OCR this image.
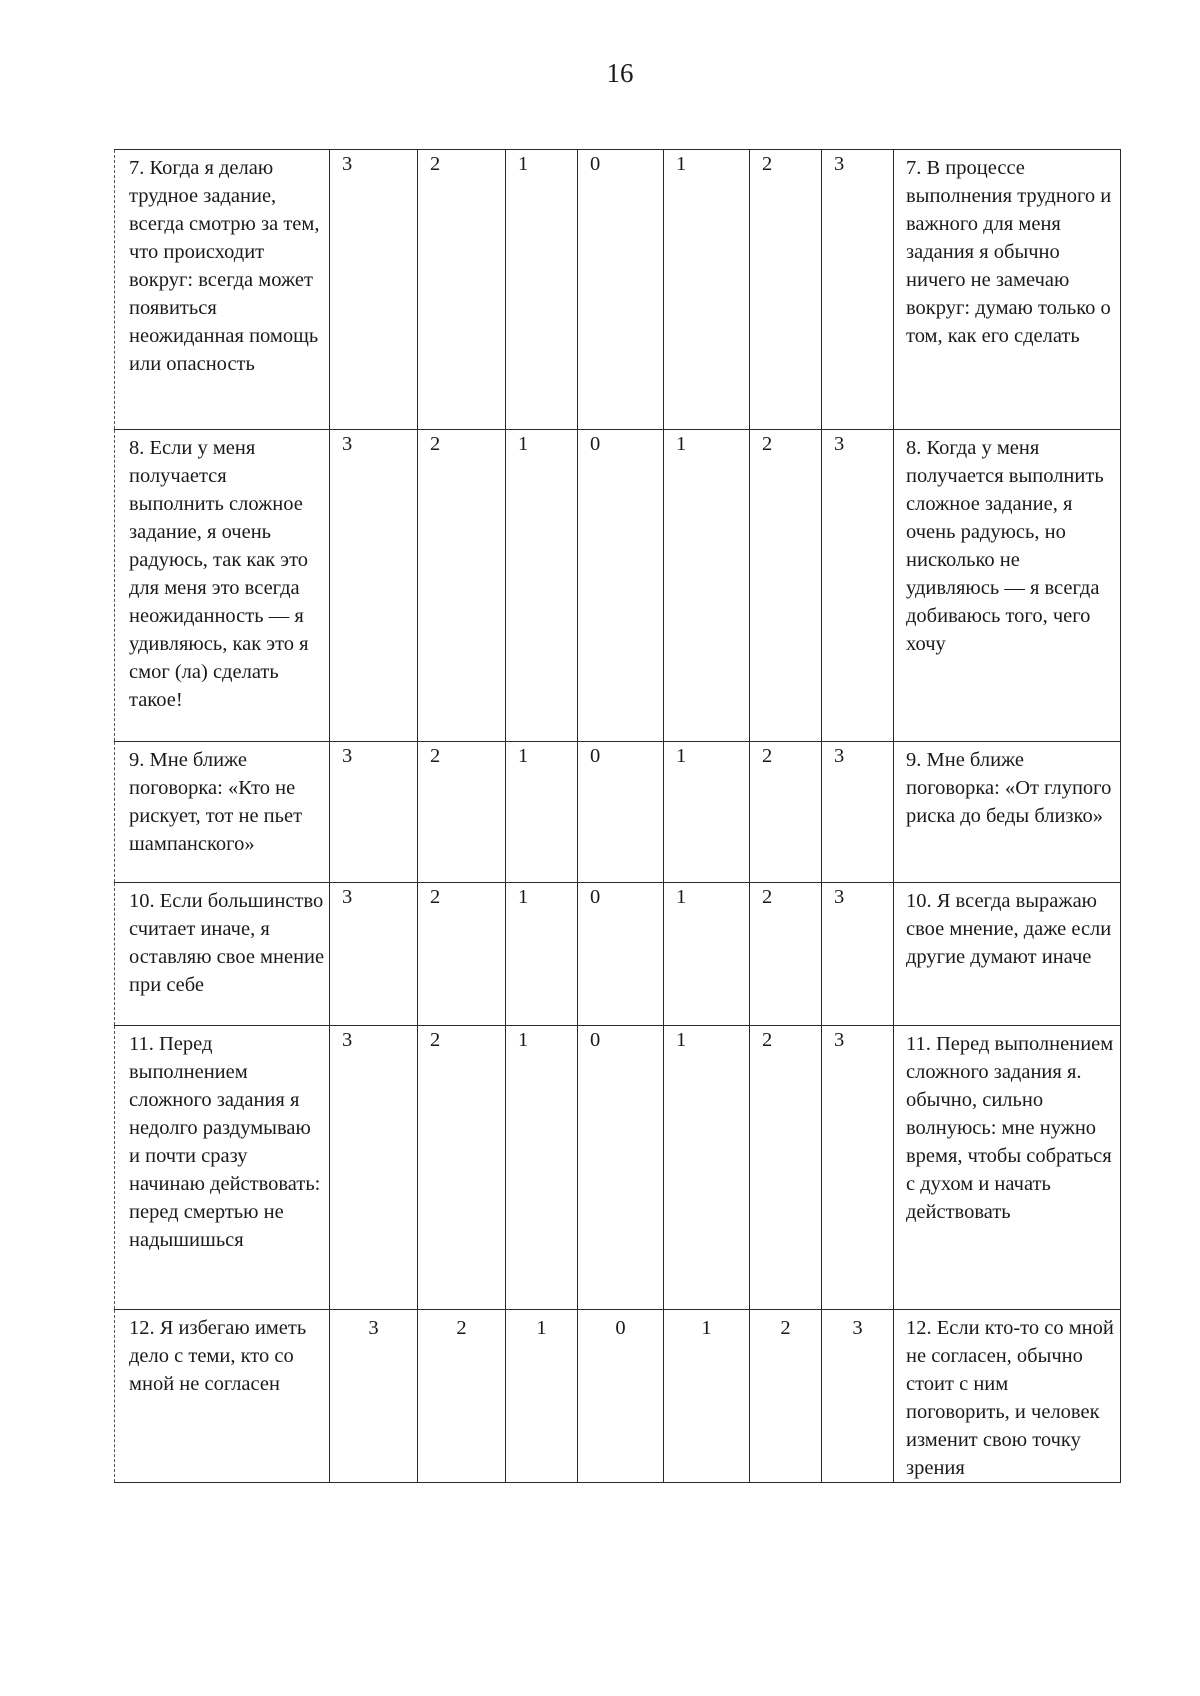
16
7. Когда я делаю трудное задание, всегда смотрю за тем, что происходит вокруг: всегда может появиться неожиданная помощь или опасность	3	2	1	0	1	2	3	7. В процессе выполнения трудного и важного для меня задания я обычно ничего не замечаю вокруг: думаю только о том, как его сделать
8. Если у меня получается выполнить сложное задание, я очень радуюсь, так как это для меня это всегда неожиданность — я удивляюсь, как это я смог (ла) сделать такое!	3	2	1	0	1	2	3	8. Когда у меня получается выполнить сложное задание, я очень радуюсь, но нисколько не удивляюсь — я всегда добиваюсь того, чего хочу
9. Мне ближе поговорка: «Кто не рискует, тот не пьет шампанского»	3	2	1	0	1	2	3	9. Мне ближе поговорка: «От глупого риска до беды близко»
10. Если большинство считает иначе, я оставляю свое мнение при себе	3	2	1	0	1	2	3	10. Я всегда выражаю свое мнение, даже если другие думают иначе
11. Перед выполнением сложного задания я недолго раздумываю и почти сразу начинаю действовать: перед смертью не надышишься	3	2	1	0	1	2	3	11. Перед выполнением сложного задания я. обычно, сильно волнуюсь: мне нужно время, чтобы собраться с духом и начать действовать
12. Я избегаю иметь дело с теми, кто со мной не согласен	3	2	1	0	1	2	3	12. Если кто-то со мной не согласен, обычно стоит с ним поговорить, и человек изменит свою точку зрения
